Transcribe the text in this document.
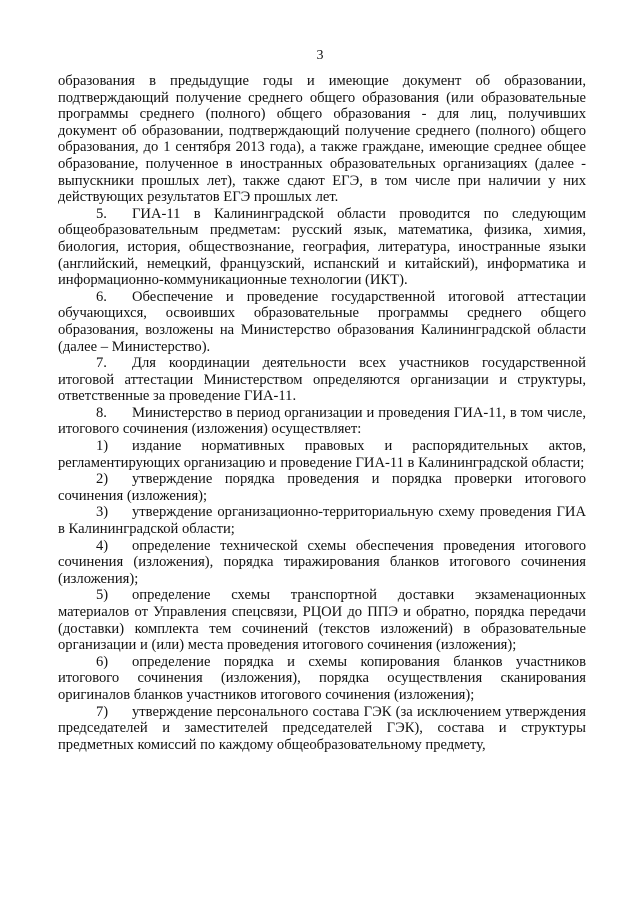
3

образования в предыдущие годы и имеющие документ об образовании, подтверждающий получение среднего общего образования (или образовательные программы среднего (полного) общего образования - для лиц, получивших документ об образовании, подтверждающий получение среднего (полного) общего образования, до 1 сентября 2013 года), а также граждане, имеющие среднее общее образование, полученное в иностранных образовательных организациях (далее - выпускники прошлых лет), также сдают ЕГЭ, в том числе при наличии у них действующих результатов ЕГЭ прошлых лет.

5. ГИА-11 в Калининградской области проводится по следующим общеобразовательным предметам: русский язык, математика, физика, химия, биология, история, обществознание, география, литература, иностранные языки (английский, немецкий, французский, испанский и китайский), информатика и информационно-коммуникационные технологии (ИКТ).

6. Обеспечение и проведение государственной итоговой аттестации обучающихся, освоивших образовательные программы среднего общего образования, возложены на Министерство образования Калининградской области (далее – Министерство).

7. Для координации деятельности всех участников государственной итоговой аттестации Министерством определяются организации и структуры, ответственные за проведение ГИА-11.

8. Министерство в период организации и проведения ГИА-11, в том числе, итогового сочинения (изложения) осуществляет:

1) издание нормативных правовых и распорядительных актов, регламентирующих организацию и проведение ГИА-11 в Калининградской области;

2) утверждение порядка проведения и порядка проверки итогового сочинения (изложения);

3) утверждение организационно-территориальную схему проведения ГИА в Калининградской области;

4) определение технической схемы обеспечения проведения итогового сочинения (изложения), порядка тиражирования бланков итогового сочинения (изложения);

5) определение схемы транспортной доставки экзаменационных материалов от Управления спецсвязи, РЦОИ до ППЭ и обратно, порядка передачи (доставки) комплекта тем сочинений (текстов изложений) в образовательные организации и (или) места проведения итогового сочинения (изложения);

6) определение порядка и схемы копирования бланков участников итогового сочинения (изложения), порядка осуществления сканирования оригиналов бланков участников итогового сочинения (изложения);

7) утверждение персонального состава ГЭК (за исключением утверждения председателей и заместителей председателей ГЭК), состава и структуры предметных комиссий по каждому общеобразовательному предмету,
